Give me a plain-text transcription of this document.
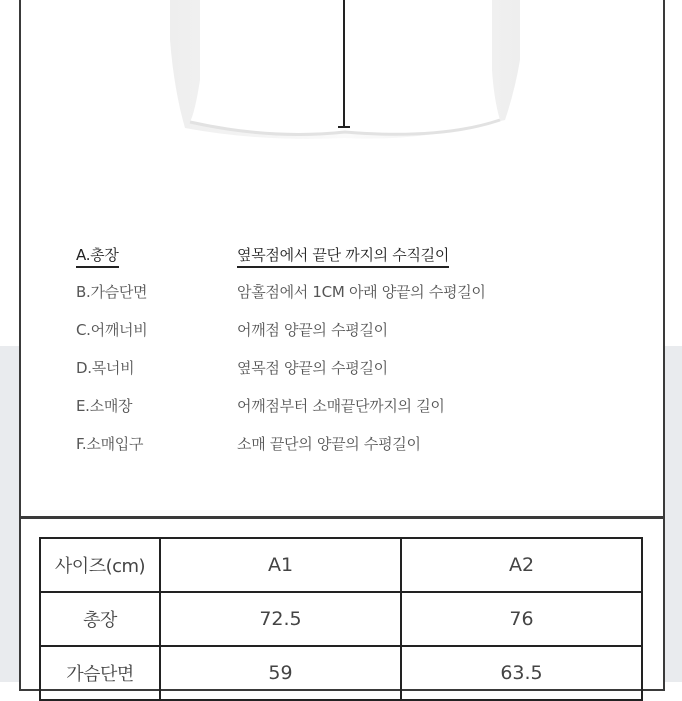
A.총장	옆목점에서 끝단 까지의 수직길이
B.가슴단면	암홀점에서 1CM 아래 양끝의 수평길이
C.어깨너비	어깨점 양끝의 수평길이
D.목너비	옆목점 양끝의 수평길이
E.소매장	어깨점부터 소매끝단까지의 길이
F.소매입구	소매 끝단의 양끝의 수평길이
사이즈(cm)	A1	A2
총장	72.5	76
가슴단면	59	63.5
